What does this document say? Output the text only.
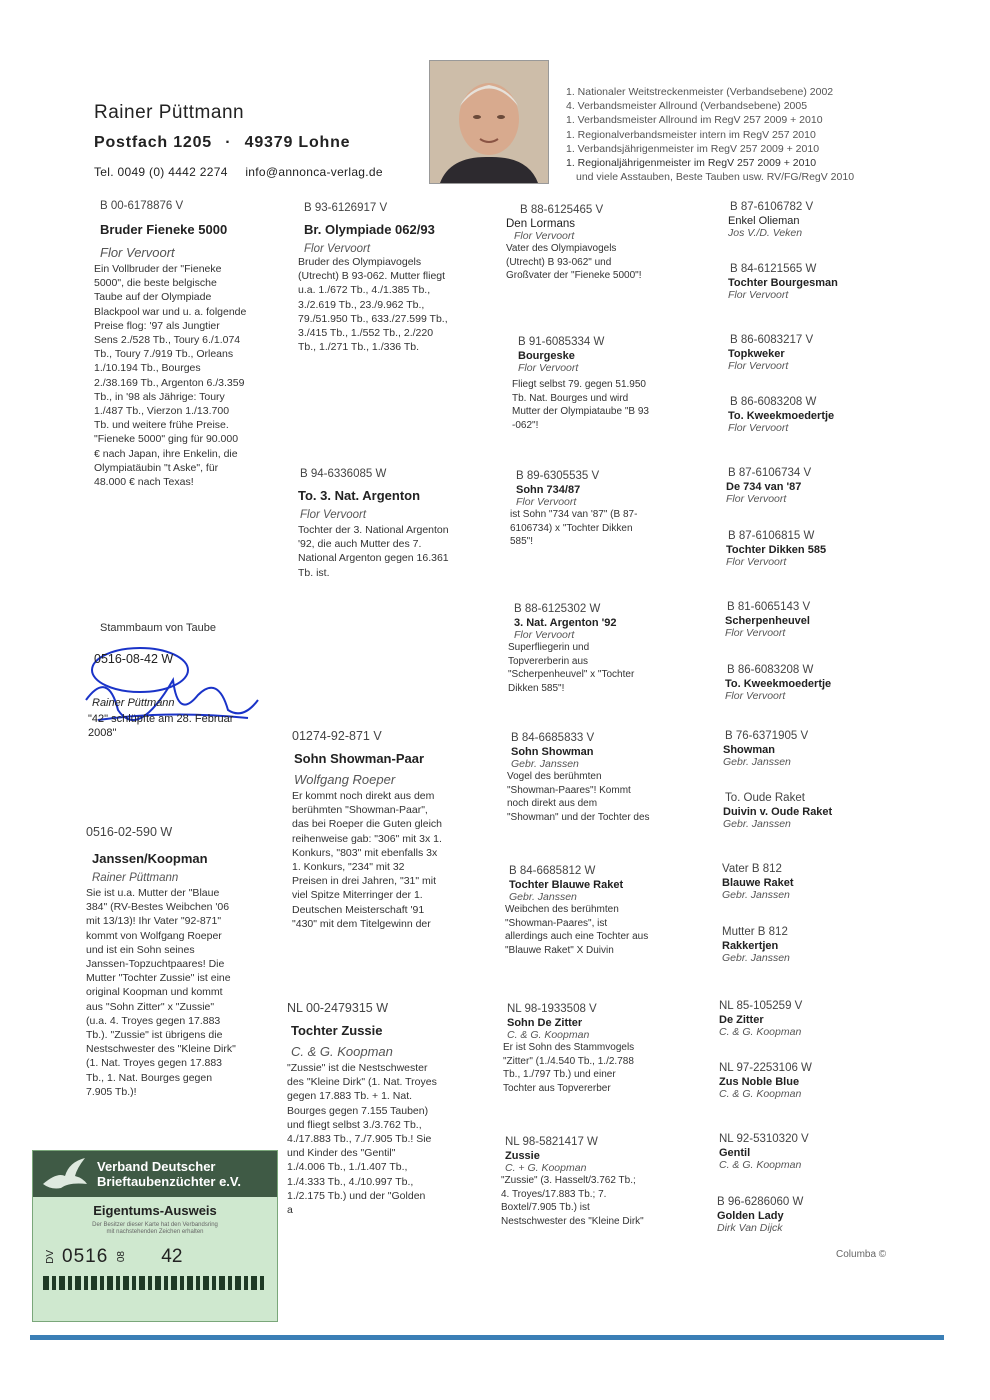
Rainer Püttmann
Postfach 1205 · 49379 Lohne
Tel. 0049 (0) 4442 2274 info@annonca-verlag.de
1. Nationaler Weitstreckenmeister (Verbandsebene) 2002
4. Verbandsmeister Allround (Verbandsebene) 2005
1. Verbandsmeister Allround im RegV 257 2009 + 2010
1. Regionalverbandsmeister intern im RegV 257 2010
1. Verbandsjährigenmeister im RegV 257 2009 + 2010
1. Regionaljährigenmeister im RegV 257 2009 + 2010
und viele Asstauben, Beste Tauben usw. RV/FG/RegV 2010
B 00-6178876 V
Bruder Fieneke 5000
Flor Vervoort
Ein Vollbruder der "Fieneke
5000", die beste belgische
Taube auf der Olympiade
Blackpool war und u. a. folgende
Preise flog: '97 als Jungtier
Sens 2./528 Tb., Toury 6./1.074
Tb., Toury 7./919 Tb., Orleans
1./10.194 Tb., Bourges
2./38.169 Tb., Argenton 6./3.359
Tb., in '98 als Jährige: Toury
1./487 Tb., Vierzon 1./13.700
Tb. und weitere frühe Preise.
"Fieneke 5000" ging für 90.000
€ nach Japan, ihre Enkelin, die
Olympiatäubin "t Aske", für
48.000 € nach Texas!
Stammbaum von Taube
0516-08-42 W
Rainer Püttmann
"42" schlüpfte am 28. Februar
2008"
0516-02-590 W
Janssen/Koopman
Rainer Püttmann
Sie ist u.a. Mutter der "Blaue
384" (RV-Bestes Weibchen '06
mit 13/13)! Ihr Vater "92-871"
kommt von Wolfgang Roeper
und ist ein Sohn seines
Janssen-Topzuchtpaares! Die
Mutter "Tochter Zussie" ist eine
original Koopman und kommt
aus "Sohn Zitter" x "Zussie"
(u.a. 4. Troyes gegen 17.883
Tb.). "Zussie" ist übrigens die
Nestschwester des "Kleine Dirk"
(1. Nat. Troyes gegen 17.883
Tb., 1. Nat. Bourges gegen
7.905 Tb.)!
B 93-6126917 V
Br. Olympiade 062/93
Flor Vervoort
Bruder des Olympiavogels
(Utrecht) B 93-062. Mutter fliegt
u.a. 1./672 Tb., 4./1.385 Tb.,
3./2.619 Tb., 23./9.962 Tb.,
79./51.950 Tb., 633./27.599 Tb.,
3./415 Tb., 1./552 Tb., 2./220
Tb., 1./271 Tb., 1./336 Tb.
B 94-6336085 W
To. 3. Nat. Argenton
Flor Vervoort
Tochter der 3. National Argenton
'92, die auch Mutter des 7.
National Argenton gegen 16.361
Tb. ist.
01274-92-871 V
Sohn Showman-Paar
Wolfgang Roeper
Er kommt noch direkt aus dem
berühmten "Showman-Paar",
das bei Roeper die Guten gleich
reihenweise gab: "306" mit 3x 1.
Konkurs, "803" mit ebenfalls 3x
1. Konkurs, "234" mit 32
Preisen in drei Jahren, "31" mit
viel Spitze Miterringer der 1.
Deutschen Meisterschaft '91
"430" mit dem Titelgewinn der
NL 00-2479315 W
Tochter Zussie
C. & G. Koopman
"Zussie" ist die Nestschwester
des "Kleine Dirk" (1. Nat. Troyes
gegen 17.883 Tb. + 1. Nat.
Bourges gegen 7.155 Tauben)
und fliegt selbst 3./3.762 Tb.,
4./17.883 Tb., 7./7.905 Tb.! Sie
und Kinder des "Gentil"
1./4.006 Tb., 1./1.407 Tb.,
1./4.333 Tb., 4./10.997 Tb.,
1./2.175 Tb.) und der "Golden
a
B 88-6125465 V
Den Lormans
Flor Vervoort
Vater des Olympiavogels
(Utrecht) B 93-062" und
Großvater der "Fieneke 5000"!
B 91-6085334 W
Bourgeske
Flor Vervoort
Fliegt selbst 79. gegen 51.950
Tb. Nat. Bourges und wird
Mutter der Olympiataube "B 93
-062"!
B 89-6305535 V
Sohn 734/87
Flor Vervoort
ist Sohn "734 van '87" (B 87-
6106734) x "Tochter Dikken
585"!
B 88-6125302 W
3. Nat. Argenton '92
Flor Vervoort
Superfliegerin und
Topvererberin aus
"Scherpenheuvel" x "Tochter
Dikken 585"!
B 84-6685833 V
Sohn Showman
Gebr. Janssen
Vogel des berühmten
"Showman-Paares"! Kommt
noch direkt aus dem
"Showman" und der Tochter des
B 84-6685812 W
Tochter Blauwe Raket
Gebr. Janssen
Weibchen des berühmten
"Showman-Paares", ist
allerdings auch eine Tochter aus
"Blauwe Raket" X Duivin
NL 98-1933508 V
Sohn De Zitter
C. & G. Koopman
Er ist Sohn des Stammvogels
"Zitter" (1./4.540 Tb., 1./2.788
Tb., 1./797 Tb.) und einer
Tochter aus Topvererber
NL 98-5821417 W
Zussie
C. + G. Koopman
"Zussie" (3. Hasselt/3.762 Tb.;
4. Troyes/17.883 Tb.; 7.
Boxtel/7.905 Tb.) ist
Nestschwester des "Kleine Dirk"
B 87-6106782 V
Enkel Olieman
Jos V./D. Veken
B 84-6121565 W
Tochter Bourgesman
Flor Vervoort
B 86-6083217 V
Topkweker
Flor Vervoort
B 86-6083208 W
To. Kweekmoedertje
Flor Vervoort
B 87-6106734 V
De 734 van '87
Flor Vervoort
B 87-6106815 W
Tochter Dikken 585
Flor Vervoort
B 81-6065143 V
Scherpenheuvel
Flor Vervoort
B 86-6083208 W
To. Kweekmoedertje
Flor Vervoort
B 76-6371905 V
Showman
Gebr. Janssen
To. Oude Raket
Duivin v. Oude Raket
Gebr. Janssen
Vater B 812
Blauwe Raket
Gebr. Janssen
Mutter B 812
Rakkertjen
Gebr. Janssen
NL 85-105259 V
De Zitter
C. & G. Koopman
NL 97-2253106 W
Zus Noble Blue
C. & G. Koopman
NL 92-5310320 V
Gentil
C. & G. Koopman
B 96-6286060 W
Golden Lady
Dirk Van Dijck
Columba ©
Verband Deutscher
Brieftaubenzüchter e.V.
Eigentums-Ausweis
Der Besitzer dieser Karte hat den Verbandsring
mit nachstehenden Zeichen erhalten
DV 0516 08 42
